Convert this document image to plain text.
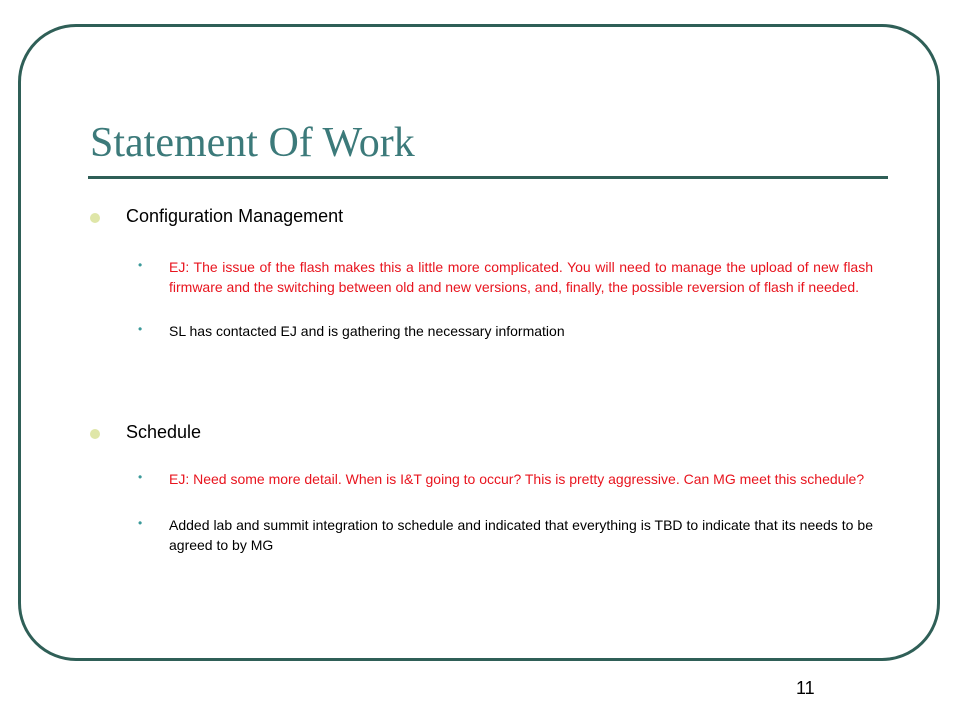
Statement Of Work
Configuration Management
•	EJ: The issue of the flash makes this a little more complicated. You will need to manage the upload of new flash firmware and the switching between old and new versions, and, finally, the possible reversion of flash if needed.
•	SL has contacted EJ and is gathering the necessary information
Schedule
•	EJ: Need some more detail. When is I&T going to occur? This is pretty aggressive. Can MG meet this schedule?
•	Added lab and summit integration to schedule and indicated that everything is TBD to indicate that its needs to be agreed to by MG
11
